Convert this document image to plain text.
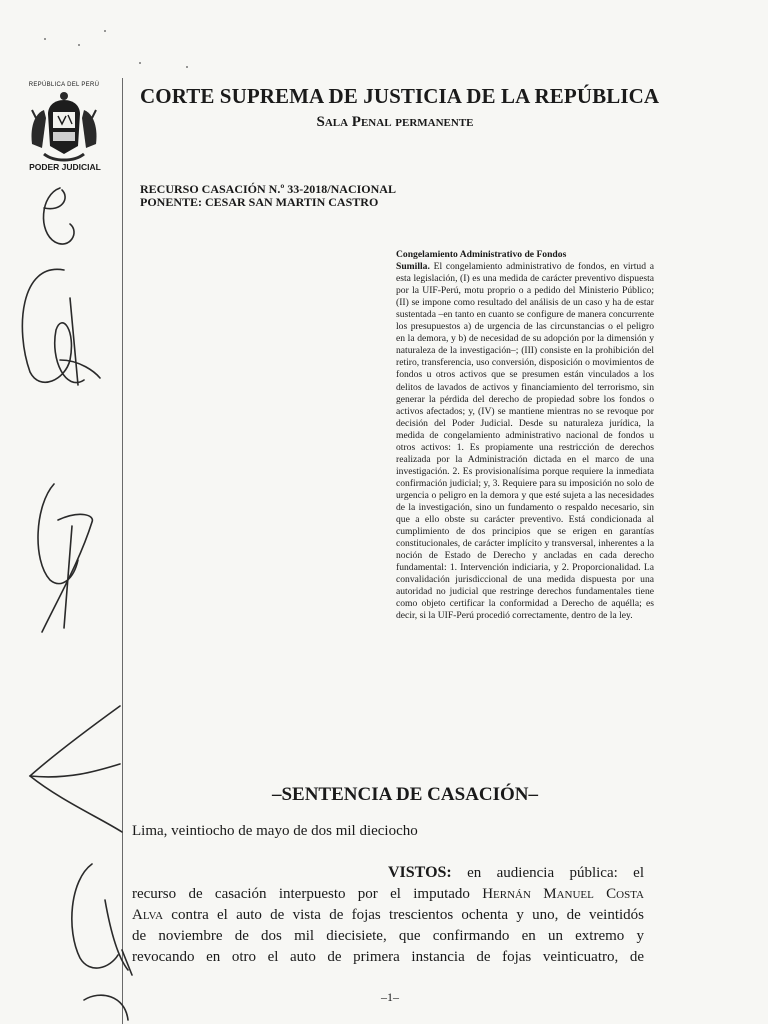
REPÚBLICA DEL PERÚ
PODER JUDICIAL
CORTE SUPREMA DE JUSTICIA DE LA REPÚBLICA
Sala Penal permanente
RECURSO CASACIÓN N.º 33-2018/NACIONAL
PONENTE: CESAR SAN MARTIN CASTRO

Congelamiento Administrativo de Fondos

Sumilla. El congelamiento administrativo de fondos, en virtud a esta legislación, (I) es una medida de carácter preventivo dispuesta por la UIF-Perú, motu proprio o a pedido del Ministerio Público; (II) se impone como resultado del análisis de un caso y ha de estar sustentada –en tanto en cuanto se configure de manera concurrente los presupuestos a) de urgencia de las circunstancias o el peligro en la demora, y b) de necesidad de su adopción por la dimensión y naturaleza de la investigación–; (III) consiste en la prohibición del retiro, transferencia, uso conversión, disposición o movimientos de fondos u otros activos que se presumen están vinculados a los delitos de lavados de activos y financiamiento del terrorismo, sin generar la pérdida del derecho de propiedad sobre los fondos o activos afectados; y, (IV) se mantiene mientras no se revoque por decisión del Poder Judicial. Desde su naturaleza jurídica, la medida de congelamiento administrativo nacional de fondos u otros activos: 1. Es propiamente una restricción de derechos realizada por la Administración dictada en el marco de una investigación. 2. Es provisionalísima porque requiere la inmediata confirmación judicial; y, 3. Requiere para su imposición no solo de urgencia o peligro en la demora y que esté sujeta a las necesidades de la investigación, sino un fundamento o respaldo necesario, sin que a ello obste su carácter preventivo. Está condicionada al cumplimiento de dos principios que se erigen en garantías constitucionales, de carácter implícito y transversal, inherentes a la noción de Estado de Derecho y ancladas en cada derecho fundamental: 1. Intervención indiciaria, y 2. Proporcionalidad. La convalidación jurisdiccional de una medida dispuesta por una autoridad no judicial que restringe derechos fundamentales tiene como objeto certificar la conformidad a Derecho de aquélla; es decir, si la UIF-Perú procedió correctamente, dentro de la ley.

–SENTENCIA DE CASACIÓN–
Lima, veintiocho de mayo de dos mil dieciocho

VISTOS: en audiencia pública: el

recurso de casación interpuesto por el imputado Hernán Manuel Costa

Alva contra el auto de vista de fojas trescientos ochenta y uno, de veintidós

de noviembre de dos mil diecisiete, que confirmando en un extremo y

revocando en otro el auto de primera instancia de fojas veinticuatro, de

–1–
